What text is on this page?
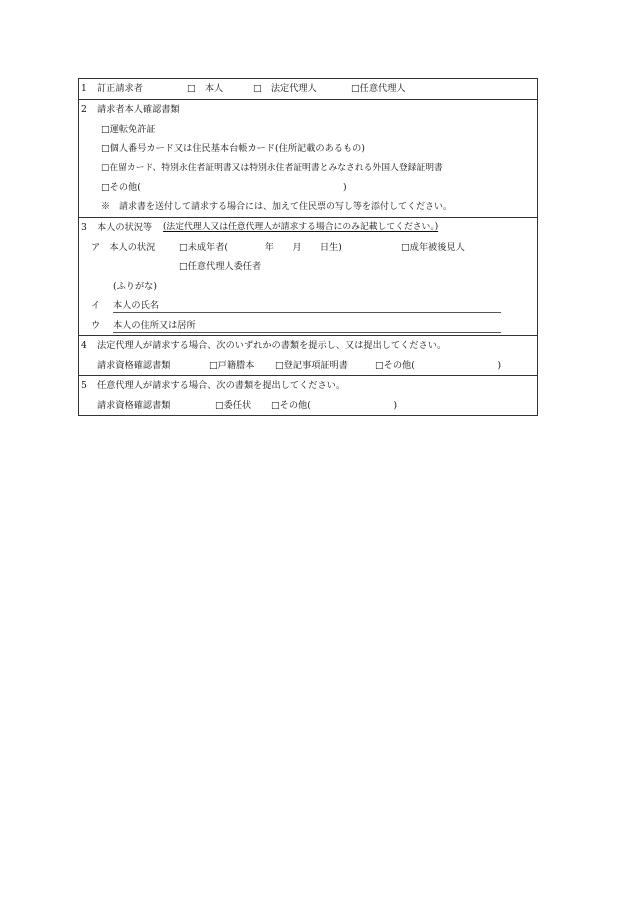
1 訂正請求者	□　本人	□　法定代理人	□任意代理人
2 請求者本人確認書類
□運転免許証
□個人番号カード又は住民基本台帳カード(住所記載のあるもの)
□在留カード、特別永住者証明書又は特別永住者証明書とみなされる外国人登録証明書
□その他(　　　　　　　　　　　　　　　　　　　　　　)
※　請求書を送付して請求する場合には、加えて住民票の写し等を添付してください。
3 本人の状況等 (法定代理人又は任意代理人が請求する場合にのみ記載してください。)
ア　本人の状況	□未成年者(　　　　年　　月　　日生)	□成年被後見人
□任意代理人委任者
(ふりがな)
イ 本人の氏名
ウ 本人の住所又は居所
4 法定代理人が請求する場合、次のいずれかの書類を提示し、又は提出してください。
請求資格確認書類	□戸籍謄本 □登記事項証明書	□その他(　　　　　　　　　)
5 任意代理人が請求する場合、次の書類を提出してください。
請求資格確認書類	□委任状 □その他(　　　　　　　　　)
